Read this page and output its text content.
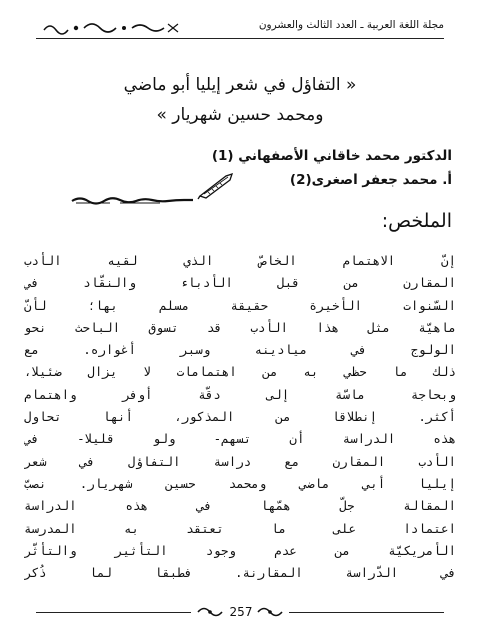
مجلة اللغة العربية ـ العدد الثالث والعشرون
« التفاؤل في شعر إيليا أبو ماضي
ومحمد حسين شهريار »
الدكتور محمد خاقاني الأصفهاني (1)
أ. محمد جعفر اصغرى(2)
الملخص:
إنّ الاهتمام الخاصّ الذي لقيه الأدب
المقارن من قبل الأدباء والنقّاد في
السّنوات الأخيرة حقيقة مسلم بها؛ لأنّ
ماهيّة مثل هذا الأدب قد تسوق الباحث نحو
الولوج في ميادينه وسبر أغواره. مع
ذلك ما حظي به من اهتمامات لا يزال ضئيلا،
وبحاجة ماسّة إلى دقّة أوفر واهتمام
أكثر. إنطلاقا من المذكور، أنها تحاول
هذه الدراسة أن تسهم- ولو قليلا- في
الأدب المقارن مع دراسة التفاؤل في شعر
إيليا أبي ماضي ومحمد حسين شهريار. نصبّ
المقالة جلّ همّها في هذه الدراسة
اعتمادا على ما تعتقد به المدرسة
الأمريكيّة من عدم وجود التأثير والتأثّر
في الدّراسة المقارنة. فطبقا لما ذُكر
257
